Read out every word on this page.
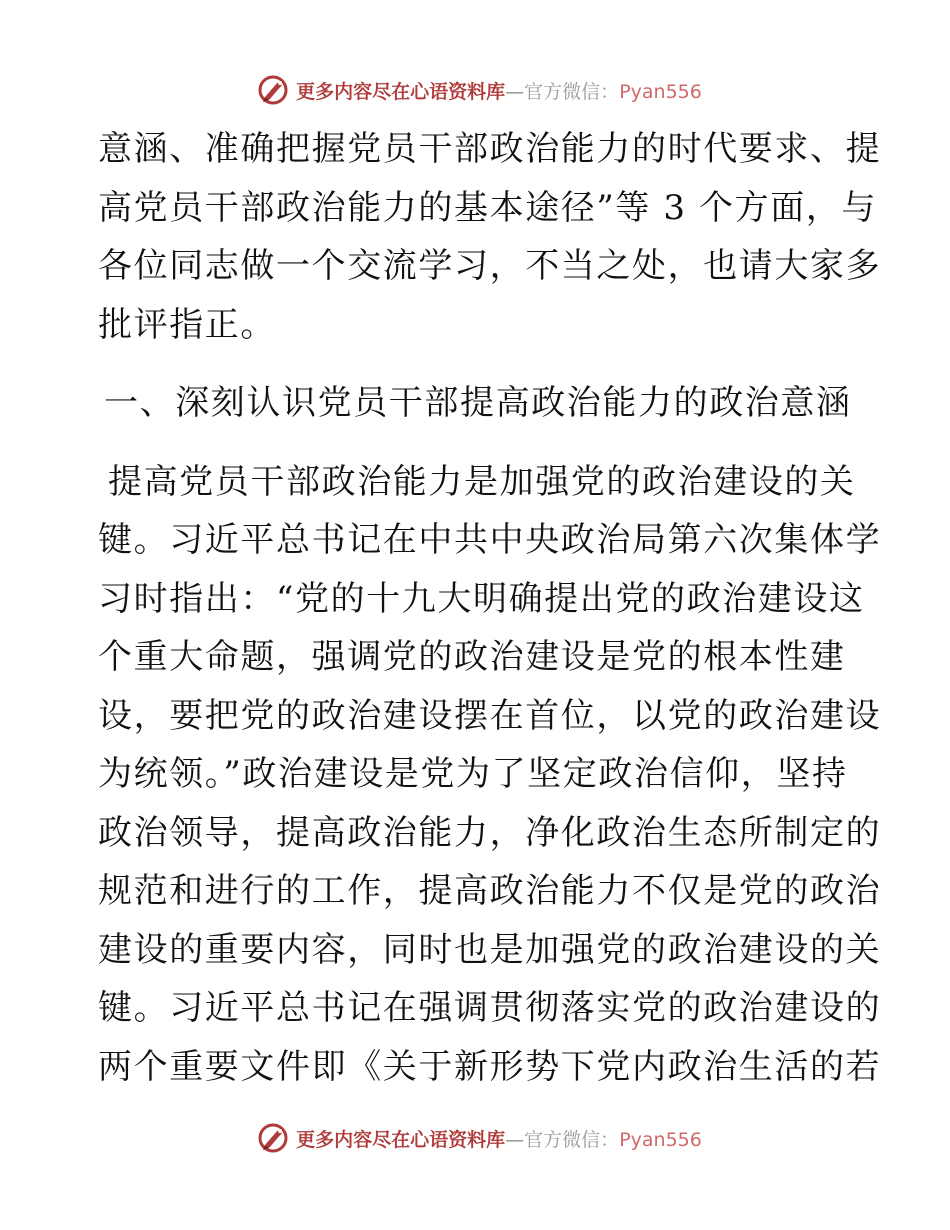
更多内容尽在心语资料库—官方微信：Pyan556
意涵、准确把握党员干部政治能力的时代要求、提
高党员干部政治能力的基本途径”等 3 个方面，与
各位同志做一个交流学习，不当之处，也请大家多
批评指正。
一、深刻认识党员干部提高政治能力的政治意涵
提高党员干部政治能力是加强党的政治建设的关
键。习近平总书记在中共中央政治局第六次集体学
习时指出：“党的十九大明确提出党的政治建设这
个重大命题，强调党的政治建设是党的根本性建
设，要把党的政治建设摆在首位，以党的政治建设
为统领。”政治建设是党为了坚定政治信仰，坚持
政治领导，提高政治能力，净化政治生态所制定的
规范和进行的工作，提高政治能力不仅是党的政治
建设的重要内容，同时也是加强党的政治建设的关
键。习近平总书记在强调贯彻落实党的政治建设的
两个重要文件即《关于新形势下党内政治生活的若
更多内容尽在心语资料库—官方微信：Pyan556
